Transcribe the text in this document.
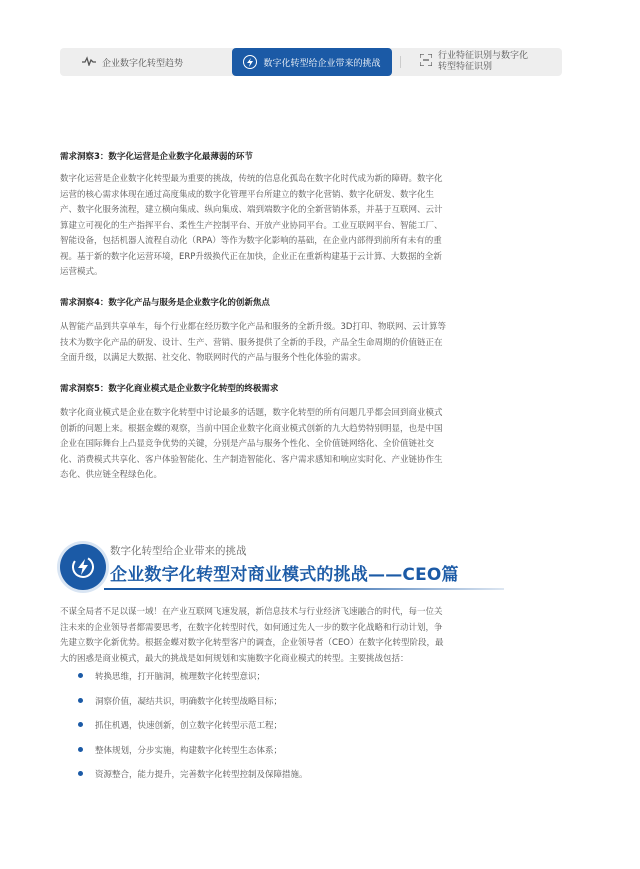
企业数字化转型趋势	数字化转型给企业带来的挑战
行业特征识别与数字化
转型特征识别

需求洞察3：数字化运营是企业数字化最薄弱的环节

数字化运营是企业数字化转型最为重要的挑战，传统的信息化孤岛在数字化时代成为新的障碍。数字化

运营的核心需求体现在通过高度集成的数字化管理平台所建立的数字化营销、数字化研发、数字化生

产、数字化服务流程，建立横向集成、纵向集成、端到端数字化的全新营销体系，并基于互联网、云计

算建立可视化的生产指挥平台、柔性生产控制平台、开放产业协同平台。工业互联网平台、智能工厂、

智能设备，包括机器人流程自动化（RPA）等作为数字化影响的基础，在企业内部得到前所有未有的重

视。基于新的数字化运营环境，ERP升级换代正在加快，企业正在重新构建基于云计算、大数据的全新

运营模式。

需求洞察4：数字化产品与服务是企业数字化的创新焦点

从智能产品到共享单车，每个行业都在经历数字化产品和服务的全新升级。3D打印、物联网、云计算等

技术为数字化产品的研发、设计、生产、营销、服务提供了全新的手段，产品全生命周期的价值链正在

全面升级，以满足大数据、社交化、物联网时代的产品与服务个性化体验的需求。

需求洞察5：数字化商业模式是企业数字化转型的终极需求

数字化商业模式是企业在数字化转型中讨论最多的话题，数字化转型的所有问题几乎都会回到商业模式

创新的问题上来。根据金蝶的观察，当前中国企业数字化商业模式创新的九大趋势特别明显，也是中国

企业在国际舞台上凸显竞争优势的关键，分别是产品与服务个性化、全价值链网络化、全价值链社交

化、消费模式共享化、客户体验智能化、生产制造智能化、客户需求感知和响应实时化、产业链协作生

态化、供应链全程绿色化。

数字化转型给企业带来的挑战
企业数字化转型对商业模式的挑战——CEO篇

不谋全局者不足以谋一域！在产业互联网飞速发展，新信息技术与行业经济飞速融合的时代，每一位关

注未来的企业领导者都需要思考，在数字化转型时代，如何通过先人一步的数字化战略和行动计划，争

先建立数字化新优势。根据金蝶对数字化转型客户的调查，企业领导者（CEO）在数字化转型阶段，最

大的困惑是商业模式，最大的挑战是如何规划和实施数字化商业模式的转型。主要挑战包括：

转换思维，打开脑洞，梳理数字化转型意识；
洞察价值，凝结共识，明确数字化转型战略目标；
抓住机遇，快速创新，创立数字化转型示范工程；
整体规划，分步实施，构建数字化转型生态体系；
资源整合，能力提升，完善数字化转型控制及保障措施。
